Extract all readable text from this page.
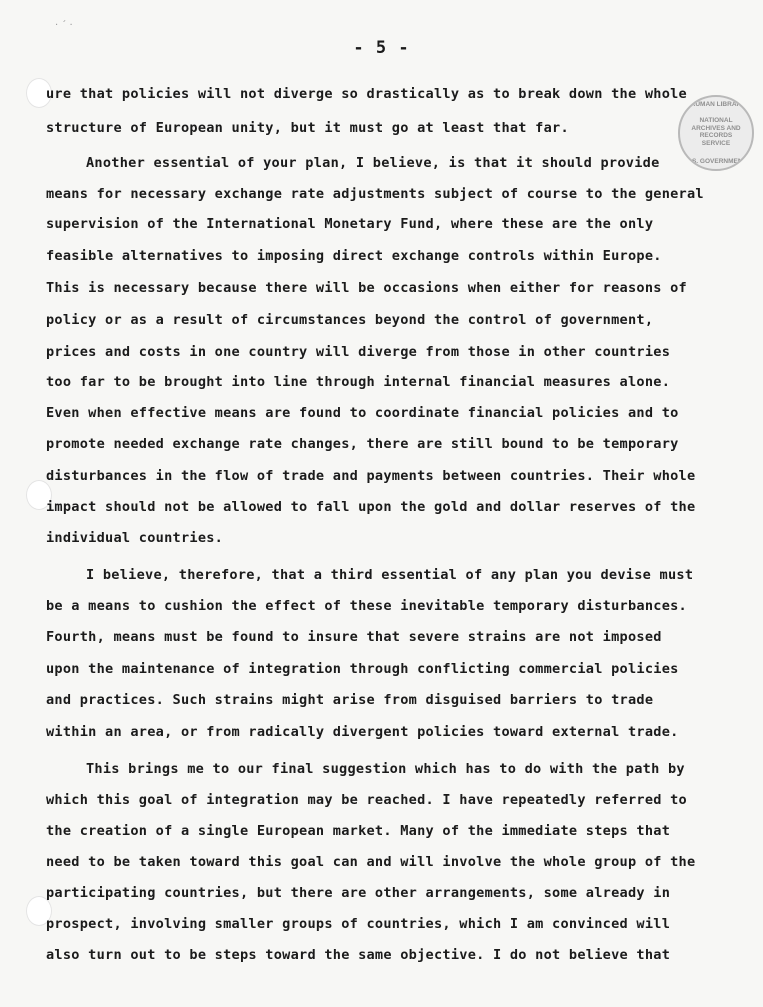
· ˊ ·
- 5 -
TRUMAN LIBRARY
NATIONAL
ARCHIVES AND
RECORDS
SERVICE
U.S. GOVERNMENT
ure that policies will not diverge so drastically as to break down the whole
structure of European unity, but it must go at least that far.
Another essential of your plan, I believe, is that it should provide
means for necessary exchange rate adjustments subject of course to the general
supervision of the International Monetary Fund, where these are the only
feasible alternatives to imposing direct exchange controls within Europe.
This is necessary because there will be occasions when either for reasons of
policy or as a result of circumstances beyond the control of government,
prices and costs in one country will diverge from those in other countries
too far to be brought into line through internal financial measures alone.
Even when effective means are found to coordinate financial policies and to
promote needed exchange rate changes, there are still bound to be temporary
disturbances in the flow of trade and payments between countries. Their whole
impact should not be allowed to fall upon the gold and dollar reserves of the
individual countries.
I believe, therefore, that a third essential of any plan you devise must
be a means to cushion the effect of these inevitable temporary disturbances.
Fourth, means must be found to insure that severe strains are not imposed
upon the maintenance of integration through conflicting commercial policies
and practices. Such strains might arise from disguised barriers to trade
within an area, or from radically divergent policies toward external trade.
This brings me to our final suggestion which has to do with the path by
which this goal of integration may be reached. I have repeatedly referred to
the creation of a single European market. Many of the immediate steps that
need to be taken toward this goal can and will involve the whole group of the
participating countries, but there are other arrangements, some already in
prospect, involving smaller groups of countries, which I am convinced will
also turn out to be steps toward the same objective. I do not believe that
